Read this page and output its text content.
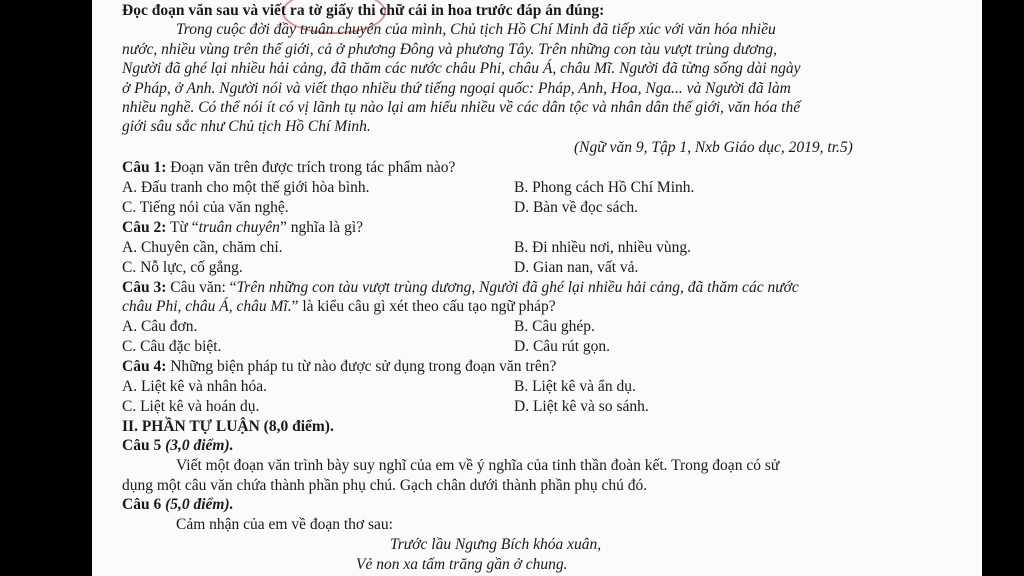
Đọc đoạn văn sau và viết ra tờ giấy thi chữ cái in hoa trước đáp án đúng:
Trong cuộc đời đầy truân chuyên của mình, Chủ tịch Hồ Chí Minh đã tiếp xúc với văn hóa nhiều
nước, nhiều vùng trên thế giới, cả ở phương Đông và phương Tây. Trên những con tàu vượt trùng dương,
Người đã ghé lại nhiều hải cảng, đã thăm các nước châu Phi, châu Á, châu Mĩ. Người đã từng sống dài ngày
ở Pháp, ở Anh. Người nói và viết thạo nhiều thứ tiếng ngoại quốc: Pháp, Anh, Hoa, Nga... và Người đã làm
nhiều nghề. Có thể nói ít có vị lãnh tụ nào lại am hiểu nhiều về các dân tộc và nhân dân thế giới, văn hóa thế
giới sâu sắc như Chủ tịch Hồ Chí Minh.
(Ngữ văn 9, Tập 1, Nxb Giáo dục, 2019, tr.5)
Câu 1: Đoạn văn trên được trích trong tác phẩm nào?
A. Đấu tranh cho một thế giới hòa bình.	B. Phong cách Hồ Chí Minh.
C. Tiếng nói của văn nghệ.	D. Bàn về đọc sách.
Câu 2: Từ “truân chuyên” nghĩa là gì?
A. Chuyên cần, chăm chỉ.	B. Đi nhiều nơi, nhiều vùng.
C. Nỗ lực, cố gắng.	D. Gian nan, vất vả.
Câu 3: Câu văn: “Trên những con tàu vượt trùng dương, Người đã ghé lại nhiều hải cảng, đã thăm các nước
châu Phi, châu Á, châu Mĩ.” là kiểu câu gì xét theo cấu tạo ngữ pháp?
A. Câu đơn.	B. Câu ghép.
C. Câu đặc biệt.	D. Câu rút gọn.
Câu 4: Những biện pháp tu từ nào được sử dụng trong đoạn văn trên?
A. Liệt kê và nhân hóa.	B. Liệt kê và ẩn dụ.
C. Liệt kê và hoán dụ.	D. Liệt kê và so sánh.
II. PHẦN TỰ LUẬN (8,0 điểm).
Câu 5 (3,0 điểm).
Viết một đoạn văn trình bày suy nghĩ của em về ý nghĩa của tinh thần đoàn kết. Trong đoạn có sử
dụng một câu văn chứa thành phần phụ chú. Gạch chân dưới thành phần phụ chú đó.
Câu 6 (5,0 điểm).
Cảm nhận của em về đoạn thơ sau:
Trước lầu Ngưng Bích khóa xuân,
Vẻ non xa tấm trăng gần ở chung.
